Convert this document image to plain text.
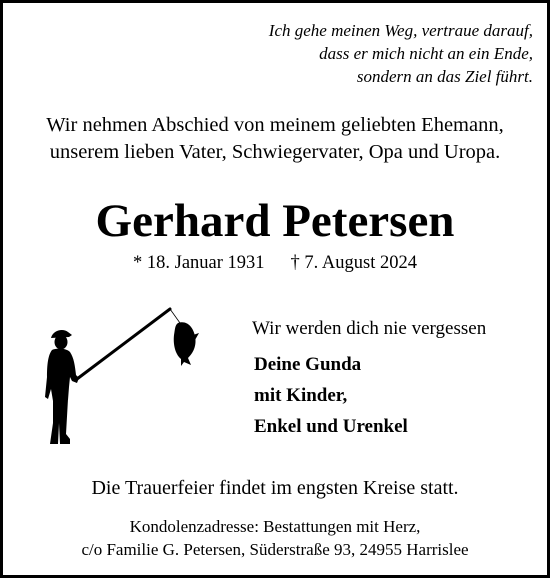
Ich gehe meinen Weg, vertraue darauf,
dass er mich nicht an ein Ende,
sondern an das Ziel führt.
Wir nehmen Abschied von meinem geliebten Ehemann,
unserem lieben Vater, Schwiegervater, Opa und Uropa.
Gerhard Petersen
* 18. Januar 1931 † 7. August 2024
Wir werden dich nie vergessen
Deine Gunda
mit Kinder,
Enkel und Urenkel
Die Trauerfeier findet im engsten Kreise statt.
Kondolenzadresse: Bestattungen mit Herz,
c/o Familie G. Petersen, Süderstraße 93, 24955 Harrislee
